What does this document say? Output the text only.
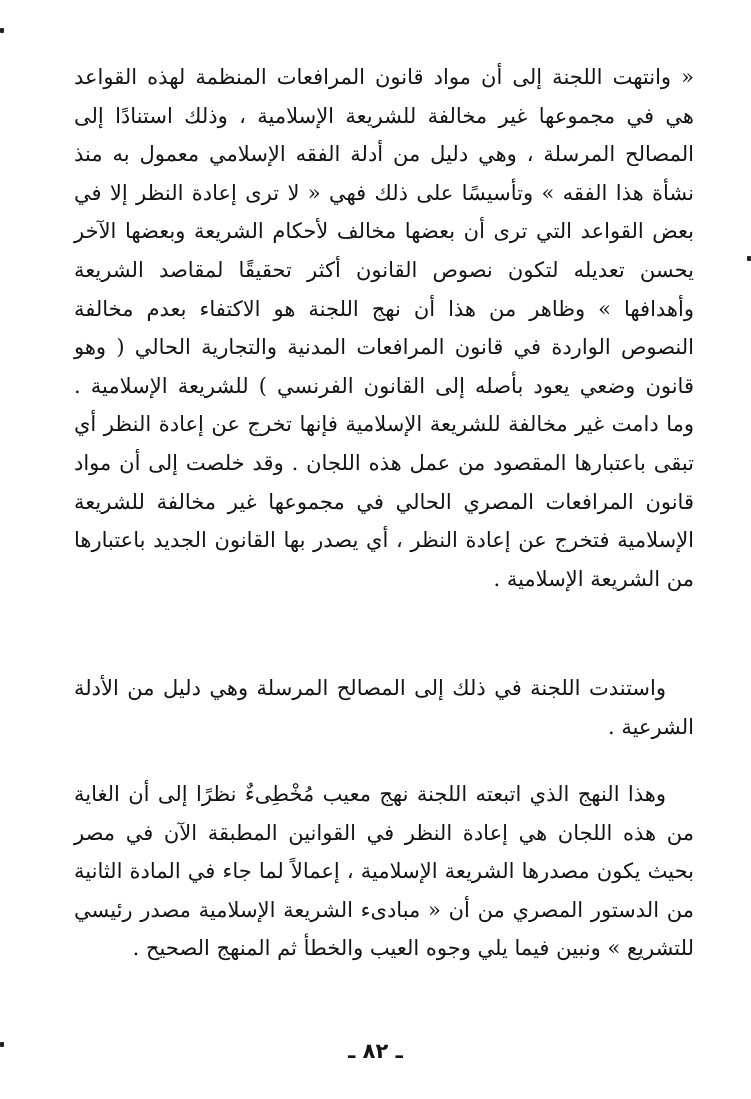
« وانتهت اللجنة إلى أن مواد قانون المرافعات المنظمة لهذه القواعد هي في مجموعها غير مخالفة للشريعة الإسلامية ، وذلك استنادًا إلى المصالح المرسلة ، وهي دليل من أدلة الفقه الإسلامي معمول به منذ نشأة هذا الفقه » وتأسيسًا على ذلك فهي « لا ترى إعادة النظر إلا في بعض القواعد التي ترى أن بعضها مخالف لأحكام الشريعة وبعضها الآخر يحسن تعديله لتكون نصوص القانون أكثر تحقيقًا لمقاصد الشريعة وأهدافها » وظاهر من هذا أن نهج اللجنة هو الاكتفاء بعدم مخالفة النصوص الواردة في قانون المرافعات المدنية والتجارية الحالي ( وهو قانون وضعي يعود بأصله إلى القانون الفرنسي ) للشريعة الإسلامية . وما دامت غير مخالفة للشريعة الإسلامية فإنها تخرج عن إعادة النظر أي تبقى باعتبارها المقصود من عمل هذه اللجان . وقد خلصت إلى أن مواد قانون المرافعات المصري الحالي في مجموعها غير مخالفة للشريعة الإسلامية فتخرج عن إعادة النظر ، أي يصدر بها القانون الجديد باعتبارها من الشريعة الإسلامية .

واستندت اللجنة في ذلك إلى المصالح المرسلة وهي دليل من الأدلة الشرعية .

وهذا النهج الذي اتبعته اللجنة نهج معيب مُخْطِىءٌ نظرًا إلى أن الغاية من هذه اللجان هي إعادة النظر في القوانين المطبقة الآن في مصر بحيث يكون مصدرها الشريعة الإسلامية ، إعمالاً لما جاء في المادة الثانية من الدستور المصري من أن « مبادىء الشريعة الإسلامية مصدر رئيسي للتشريع » ونبين فيما يلي وجوه العيب والخطأ ثم المنهج الصحيح .

ـ ٨٢ ـ
